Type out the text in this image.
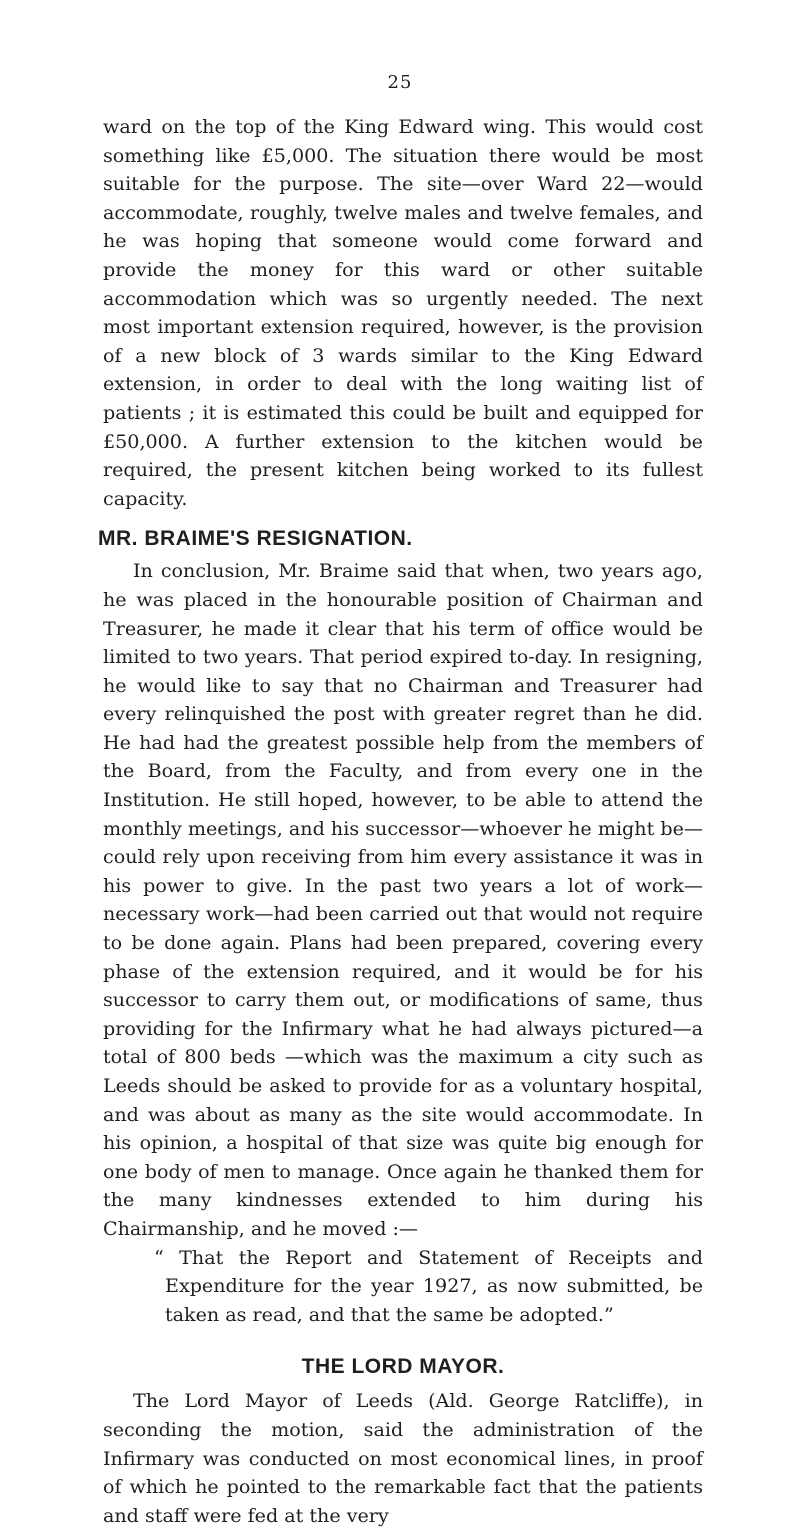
25

ward on the top of the King Edward wing. This would cost something like £5,000. The situation there would be most suitable for the purpose. The site—over Ward 22—would accommodate, roughly, twelve males and twelve females, and he was hoping that someone would come forward and provide the money for this ward or other suitable accommodation which was so urgently needed. The next most important extension required, however, is the provision of a new block of 3 wards similar to the King Edward extension, in order to deal with the long waiting list of patients ; it is estimated this could be built and equipped for £50,000. A further extension to the kitchen would be required, the present kitchen being worked to its fullest capacity.

MR. BRAIME'S RESIGNATION.

In conclusion, Mr. Braime said that when, two years ago, he was placed in the honourable position of Chairman and Treasurer, he made it clear that his term of office would be limited to two years. That period expired to-day. In resigning, he would like to say that no Chairman and Treasurer had every relinquished the post with greater regret than he did. He had had the greatest possible help from the members of the Board, from the Faculty, and from every one in the Institution. He still hoped, however, to be able to attend the monthly meetings, and his successor—whoever he might be—could rely upon receiving from him every assistance it was in his power to give. In the past two years a lot of work—necessary work—had been carried out that would not require to be done again. Plans had been prepared, covering every phase of the extension required, and it would be for his successor to carry them out, or modifications of same, thus providing for the Infirmary what he had always pictured—a total of 800 beds —which was the maximum a city such as Leeds should be asked to provide for as a voluntary hospital, and was about as many as the site would accommodate. In his opinion, a hospital of that size was quite big enough for one body of men to manage. Once again he thanked them for the many kindnesses extended to him during his Chairmanship, and he moved :—

“ That the Report and Statement of Receipts and Expenditure for the year 1927, as now submitted, be taken as read, and that the same be adopted.”

THE LORD MAYOR.

The Lord Mayor of Leeds (Ald. George Ratcliffe), in seconding the motion, said the administration of the Infirmary was conducted on most economical lines, in proof of which he pointed to the remarkable fact that the patients and staff were fed at the very
